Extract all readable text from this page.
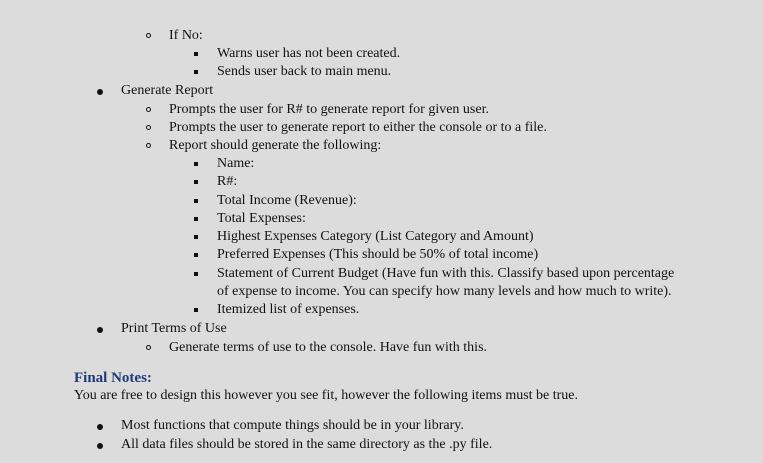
If No:
Warns user has not been created.
Sends user back to main menu.
Generate Report
Prompts the user for R# to generate report for given user.
Prompts the user to generate report to either the console or to a file.
Report should generate the following:
Name:
R#:
Total Income (Revenue):
Total Expenses:
Highest Expenses Category (List Category and Amount)
Preferred Expenses (This should be 50% of total income)
Statement of Current Budget (Have fun with this. Classify based upon percentage
of expense to income. You can specify how many levels and how much to write).
Itemized list of expenses.
Print Terms of Use
Generate terms of use to the console. Have fun with this.
Final Notes:
You are free to design this however you see fit, however the following items must be true.
Most functions that compute things should be in your library.
All data files should be stored in the same directory as the .py file.
